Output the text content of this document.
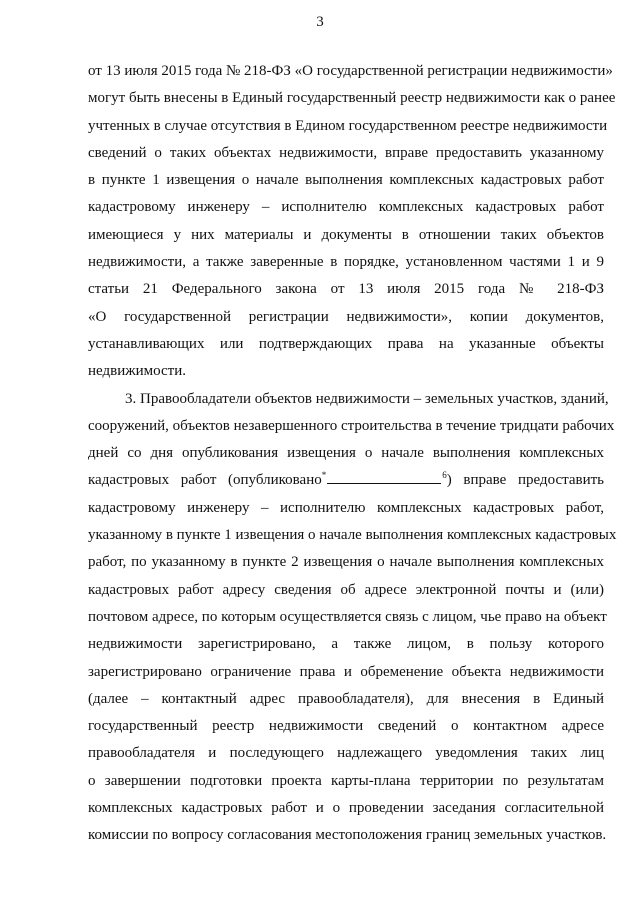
3
от 13 июля 2015 года № 218-ФЗ «О государственной регистрации недвижимости»
могут быть внесены в Единый государственный реестр недвижимости как о ранее
учтенных в случае отсутствия в Едином государственном реестре недвижимости
сведений о таких объектах недвижимости, вправе предоставить указанному
в пункте 1 извещения о начале выполнения комплексных кадастровых работ
кадастровому инженеру – исполнителю комплексных кадастровых работ
имеющиеся у них материалы и документы в отношении таких объектов
недвижимости, а также заверенные в порядке, установленном частями 1 и 9
статьи 21 Федерального закона от 13 июля 2015 года № 218-ФЗ
«О государственной регистрации недвижимости», копии документов,
устанавливающих или подтверждающих права на указанные объекты
недвижимости.
3. Правообладатели объектов недвижимости – земельных участков, зданий,
сооружений, объектов незавершенного строительства в течение тридцати рабочих
дней со дня опубликования извещения о начале выполнения комплексных
кадастровых работ (опубликовано*	$^6$) вправе предоставить
кадастровому инженеру – исполнителю комплексных кадастровых работ,
указанному в пункте 1 извещения о начале выполнения комплексных кадастровых
работ, по указанному в пункте 2 извещения о начале выполнения комплексных
кадастровых работ адресу сведения об адресе электронной почты и (или)
почтовом адресе, по которым осуществляется связь с лицом, чье право на объект
недвижимости зарегистрировано, а также лицом, в пользу которого
зарегистрировано ограничение права и обременение объекта недвижимости
(далее – контактный адрес правообладателя), для внесения в Единый
государственный реестр недвижимости сведений о контактном адресе
правообладателя и последующего надлежащего уведомления таких лиц
о завершении подготовки проекта карты-плана территории по результатам
комплексных кадастровых работ и о проведении заседания согласительной
комиссии по вопросу согласования местоположения границ земельных участков.
